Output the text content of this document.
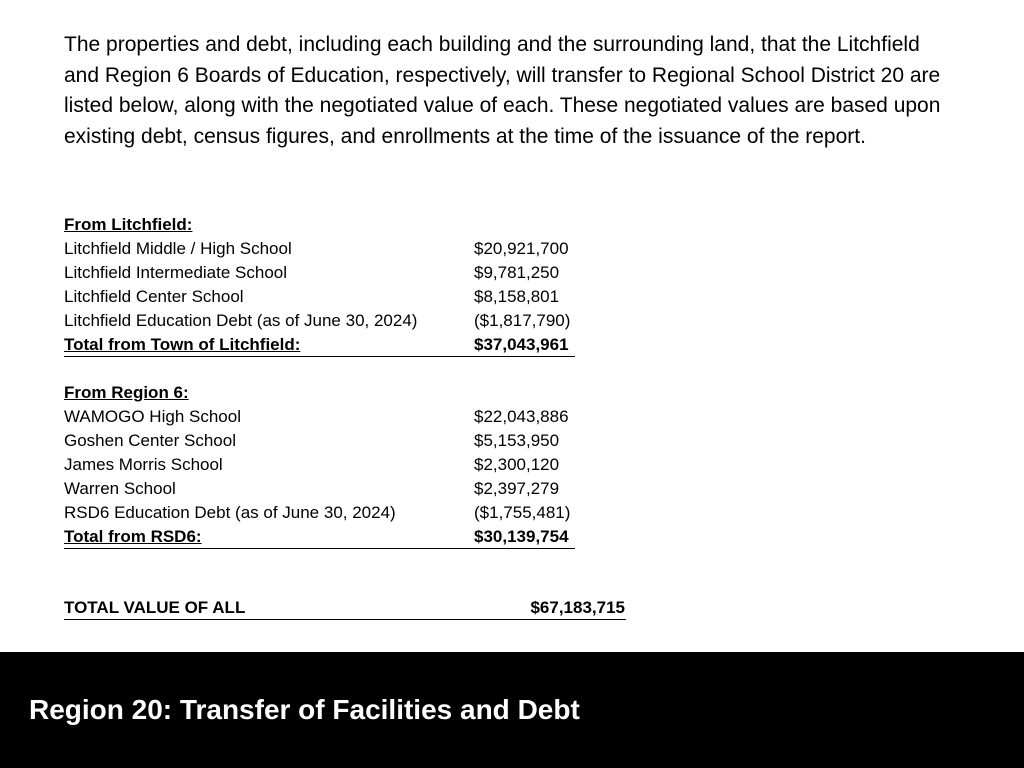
The properties and debt, including each building and the surrounding land, that the Litchfield and Region 6 Boards of Education, respectively, will transfer to Regional School District 20 are listed below, along with the negotiated value of each. These negotiated values are based upon existing debt, census figures, and enrollments at the time of the issuance of the report.

From Litchfield:
Litchfield Middle / High School	$20,921,700
Litchfield Intermediate School	$9,781,250
Litchfield Center School	$8,158,801
Litchfield Education Debt (as of June 30, 2024)	($1,817,790)
Total from Town of Litchfield:	$37,043,961
From Region 6:
WAMOGO High School	$22,043,886
Goshen Center School	$5,153,950
James Morris School	$2,300,120
Warren School	$2,397,279
RSD6 Education Debt (as of June 30, 2024)	($1,755,481)
Total from RSD6:	$30,139,754
TOTAL VALUE OF ALL	$67,183,715
Region 20: Transfer of Facilities and Debt
